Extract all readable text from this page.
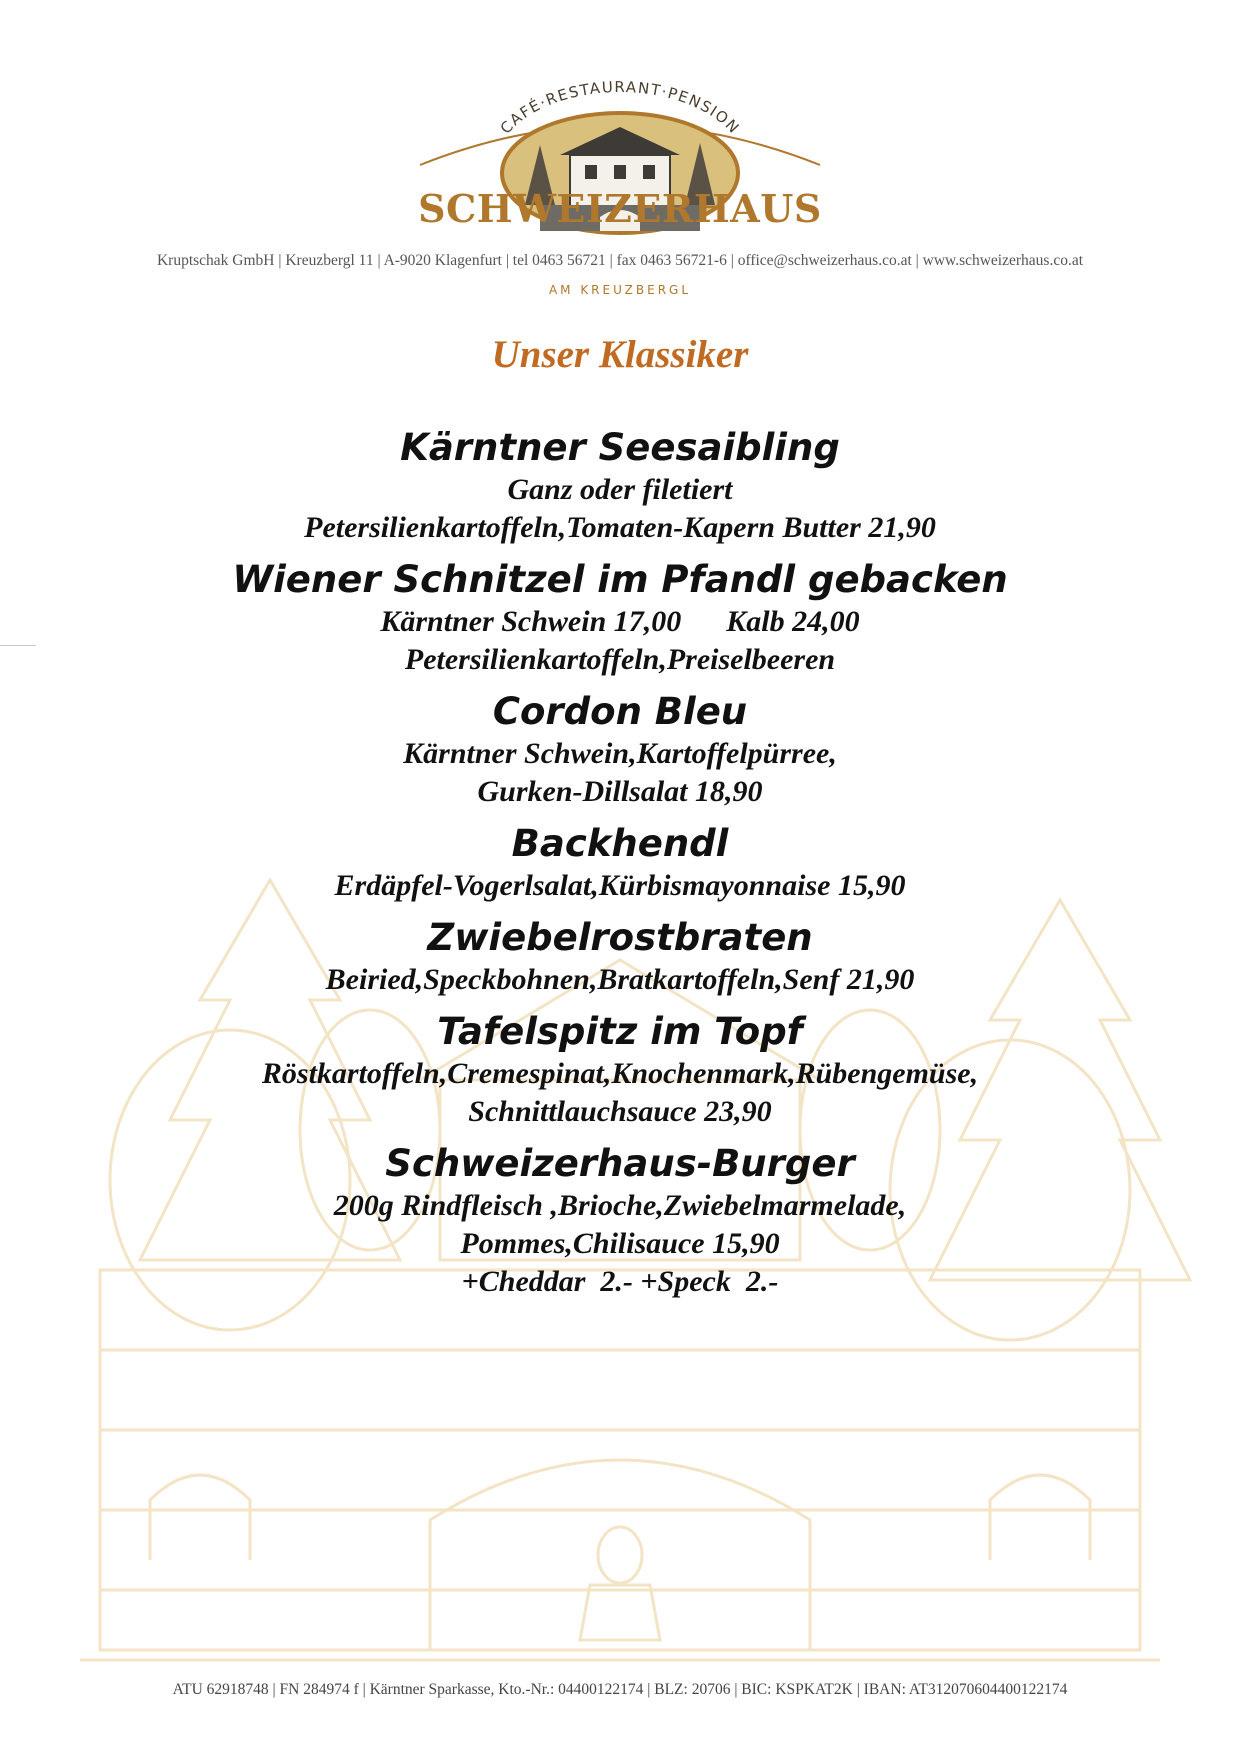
CAFÉ·RESTAURANT·PENSION
SCHWEIZERHAUS
AM KREUZBERGL
Kruptschak GmbH | Kreuzbergl 11 | A-9020 Klagenfurt | tel 0463 56721 | fax 0463 56721-6 | office@schweizerhaus.co.at | www.schweizerhaus.co.at
Unser Klassiker
Kärntner Seesaibling
Ganz oder filetiert
Petersilienkartoffeln,Tomaten-Kapern Butter 21,90
Wiener Schnitzel im Pfandl gebacken
Kärntner Schwein 17,00      Kalb 24,00
Petersilienkartoffeln,Preiselbeeren
Cordon Bleu
Kärntner Schwein,Kartoffelpürree,
Gurken-Dillsalat 18,90
Backhendl
Erdäpfel-Vogerlsalat,Kürbismayonnaise 15,90
Zwiebelrostbraten
Beiried,Speckbohnen,Bratkartoffeln,Senf 21,90
Tafelspitz im Topf
Röstkartoffeln,Cremespinat,Knochenmark,Rübengemüse,
Schnittlauchsauce 23,90
Schweizerhaus-Burger
200g Rindfleisch ,Brioche,Zwiebelmarmelade,
Pommes,Chilisauce 15,90
+Cheddar  2.- +Speck  2.-
ATU 62918748 | FN 284974 f | Kärntner Sparkasse, Kto.-Nr.: 04400122174 | BLZ: 20706 | BIC: KSPKAT2K | IBAN: AT312070604400122174
